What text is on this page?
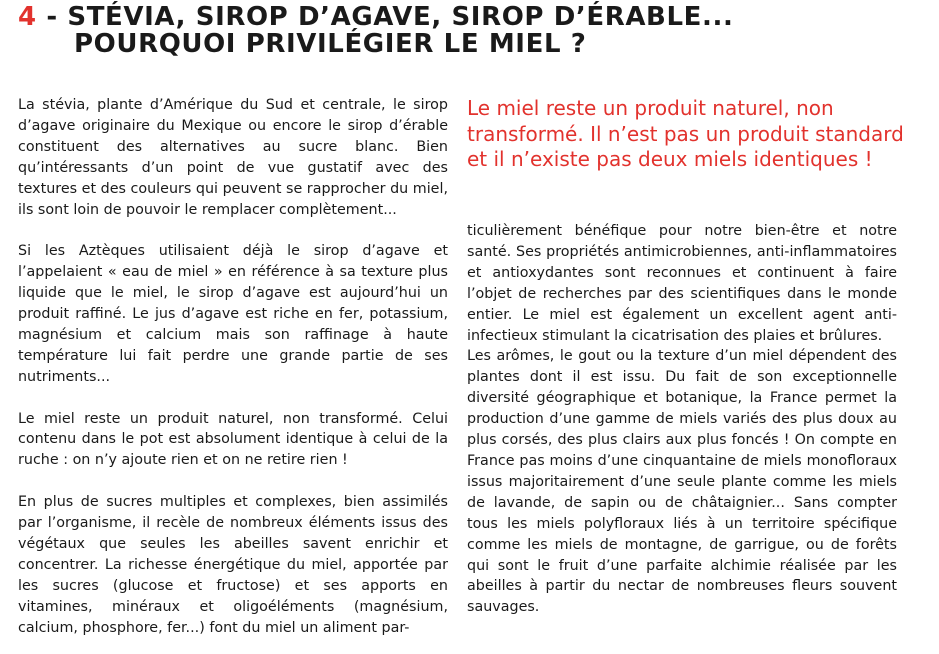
4 - STÉVIA, SIROP D’AGAVE, SIROP D’ÉRABLE...
POURQUOI PRIVILÉGIER LE MIEL ?

La stévia, plante d’Amérique du Sud et centrale, le sirop d’agave originaire du Mexique ou encore le sirop d’érable constituent des alternatives au sucre blanc. Bien qu’intéressants d’un point de vue gustatif avec des textures et des couleurs qui peuvent se rapprocher du miel, ils sont loin de pouvoir le remplacer complètement...

Si les Aztèques utilisaient déjà le sirop d’agave et l’appelaient « eau de miel » en référence à sa texture plus liquide que le miel, le sirop d’agave est aujourd’hui un produit raffiné. Le jus d’agave est riche en fer, potassium, magnésium et calcium mais son raffinage à haute température lui fait perdre une grande partie de ses nutriments...

Le miel reste un produit naturel, non transformé. Celui contenu dans le pot est absolument identique à celui de la ruche : on n’y ajoute rien et on ne retire rien !

En plus de sucres multiples et complexes, bien assimilés par l’organisme, il recèle de nombreux éléments issus des végétaux que seules les abeilles savent enrichir et concentrer. La richesse énergétique du miel, apportée par les sucres (glucose et fructose) et ses apports en vitamines, minéraux et oligoéléments (magnésium, calcium, phosphore, fer...) font du miel un aliment par-

Le miel reste un produit naturel, non transformé. Il n’est pas un produit standard et il n’existe pas deux miels identiques !

ticulièrement bénéfique pour notre bien-être et notre santé. Ses propriétés antimicrobiennes, anti-inflammatoires et antioxydantes sont reconnues et continuent à faire l’objet de recherches par des scientifiques dans le monde entier. Le miel est également un excellent agent anti-infectieux stimulant la cicatrisation des plaies et brûlures.

Les arômes, le gout ou la texture d’un miel dépendent des plantes dont il est issu. Du fait de son exceptionnelle diversité géographique et botanique, la France permet la production d’une gamme de miels variés des plus doux au plus corsés, des plus clairs aux plus foncés ! On compte en France pas moins d’une cinquantaine de miels monofloraux issus majoritairement d’une seule plante comme les miels de lavande, de sapin ou de châtaignier... Sans compter tous les miels polyfloraux liés à un territoire spécifique comme les miels de montagne, de garrigue, ou de forêts qui sont le fruit d’une parfaite alchimie réalisée par les abeilles à partir du nectar de nombreuses fleurs souvent sauvages.
